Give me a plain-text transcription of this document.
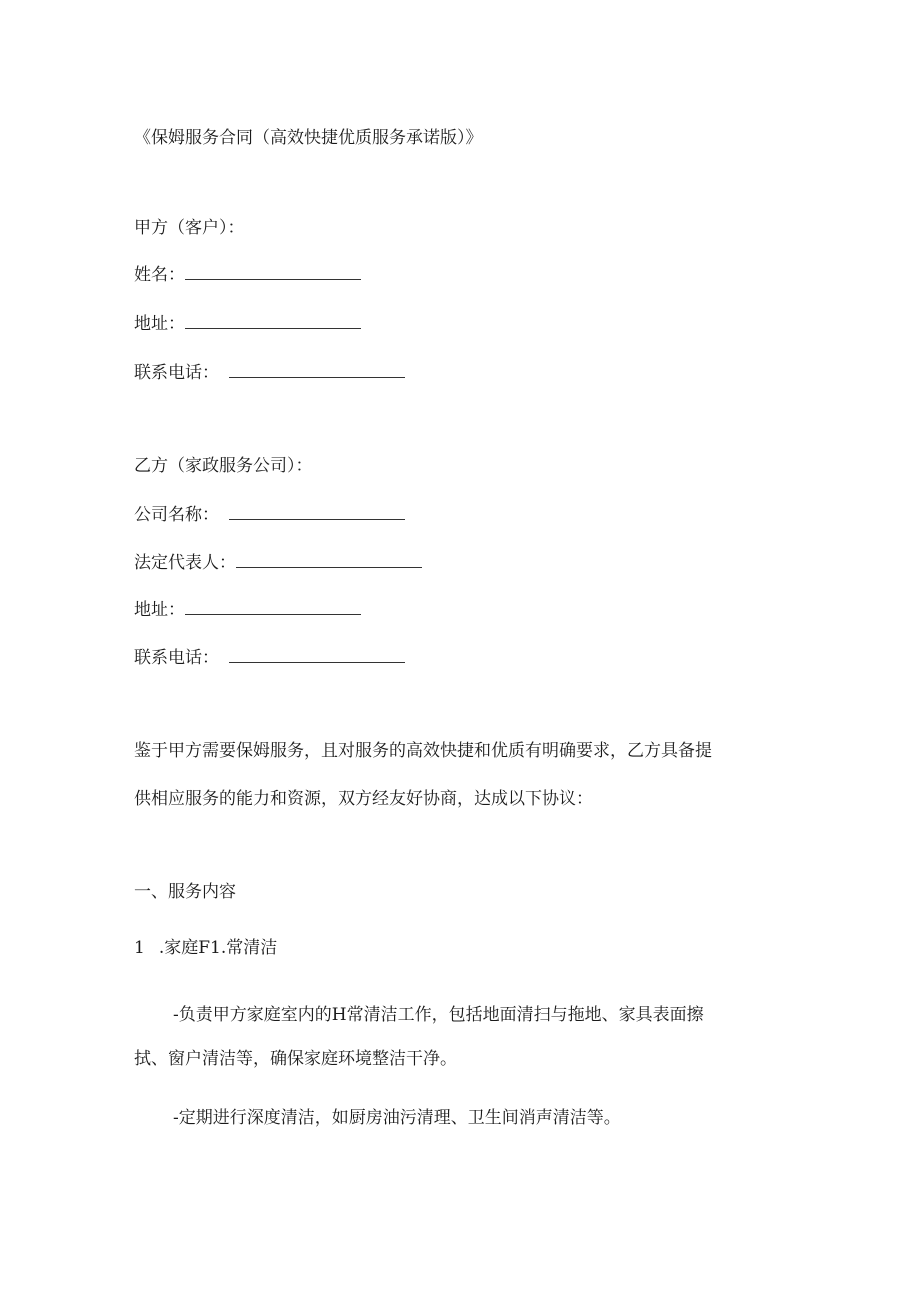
《保姆服务合同（高效快捷优质服务承诺版）》
甲方（客户）：
姓名：
地址：
联系电话：
乙方（家政服务公司）：
公司名称：
法定代表人：
地址：
联系电话：
鉴于甲方需要保姆服务，且对服务的高效快捷和优质有明确要求，乙方具备提
供相应服务的能力和资源，双方经友好协商，达成以下协议：
一、服务内容
1 .家庭F1.常清洁
-负责甲方家庭室内的H常清洁工作，包括地面清扫与拖地、家具表面擦
拭、窗户清洁等，确保家庭环境整洁干净。
-定期进行深度清洁，如厨房油污清理、卫生间消声清洁等。
